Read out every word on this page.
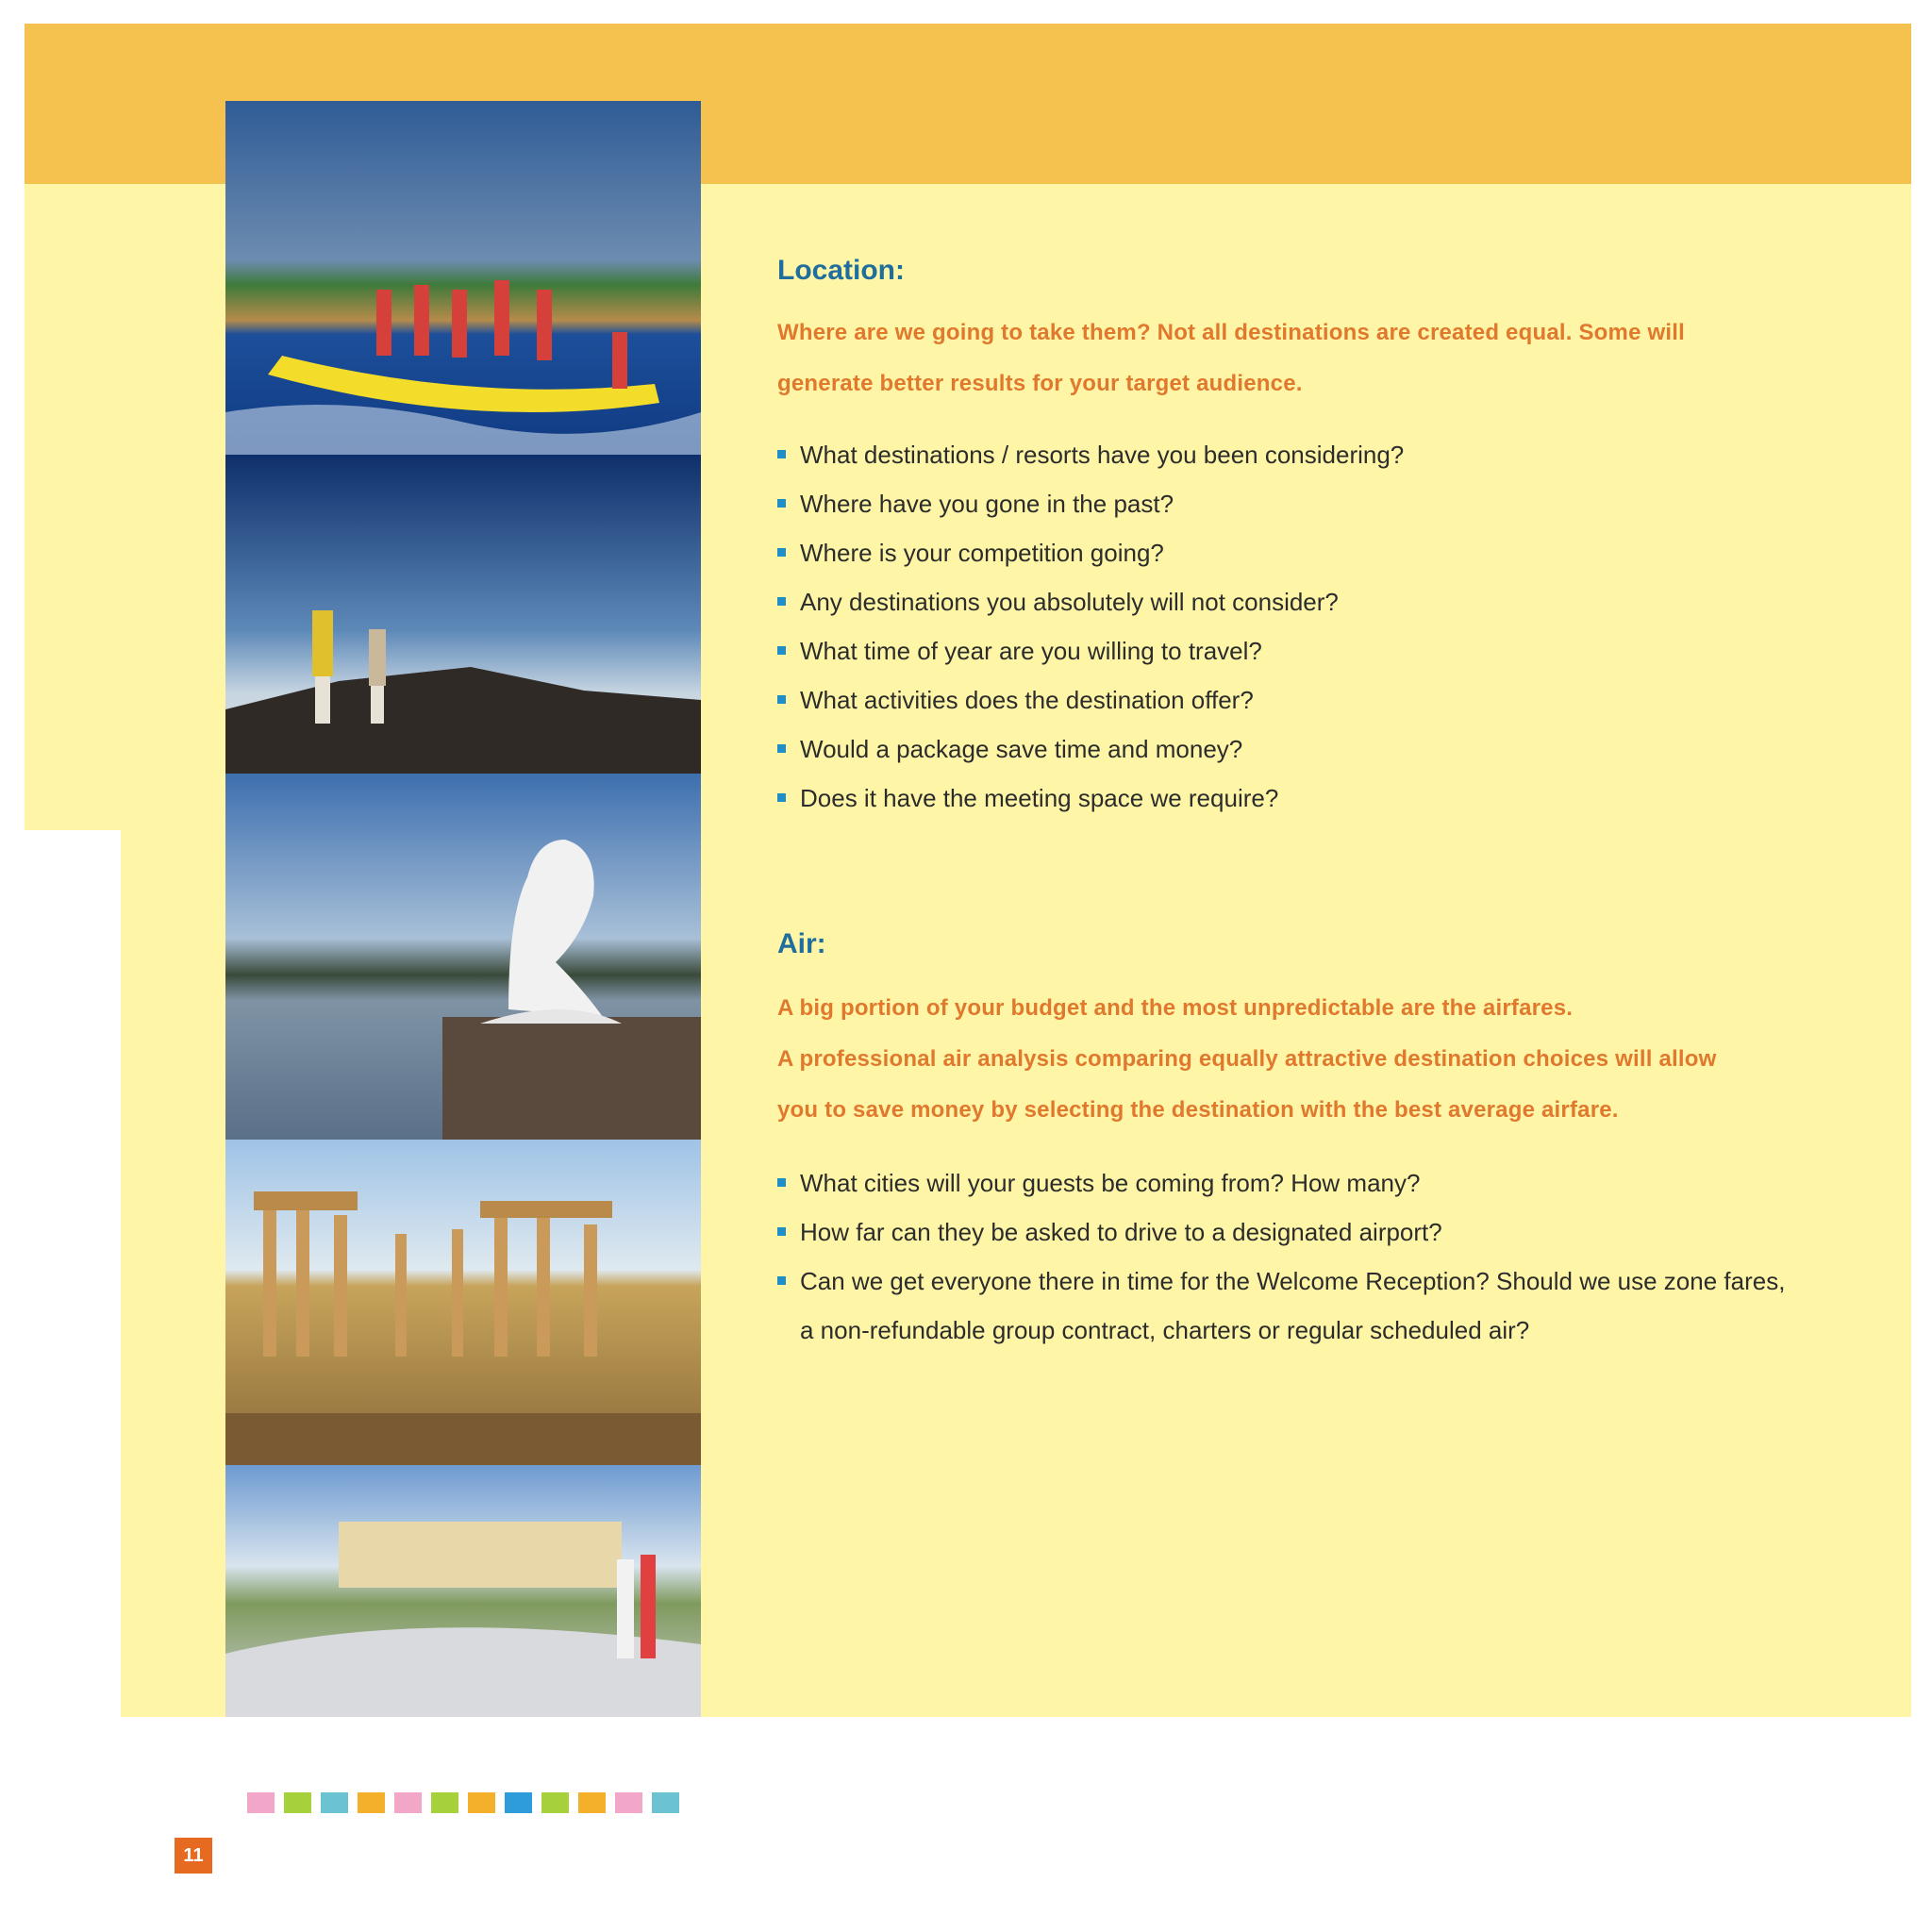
Location:
Where are we going to take them? Not all destinations are created equal. Some will
generate better results for your target audience.
What destinations / resorts have you been considering?
Where have you gone in the past?
Where is your competition going?
Any destinations you absolutely will not consider?
What time of year are you willing to travel?
What activities does the destination offer?
Would a package save time and money?
Does it have the meeting space we require?
Air:
A big portion of your budget and the most unpredictable are the airfares.
A professional air analysis comparing equally attractive destination choices will allow
you to save money by selecting the destination with the best average airfare.
What cities will your guests be coming from? How many?
How far can they be asked to drive to a designated airport?
Can we get everyone there in time for the Welcome Reception? Should we use zone fares,
a non-refundable group contract, charters or regular scheduled air?
11
